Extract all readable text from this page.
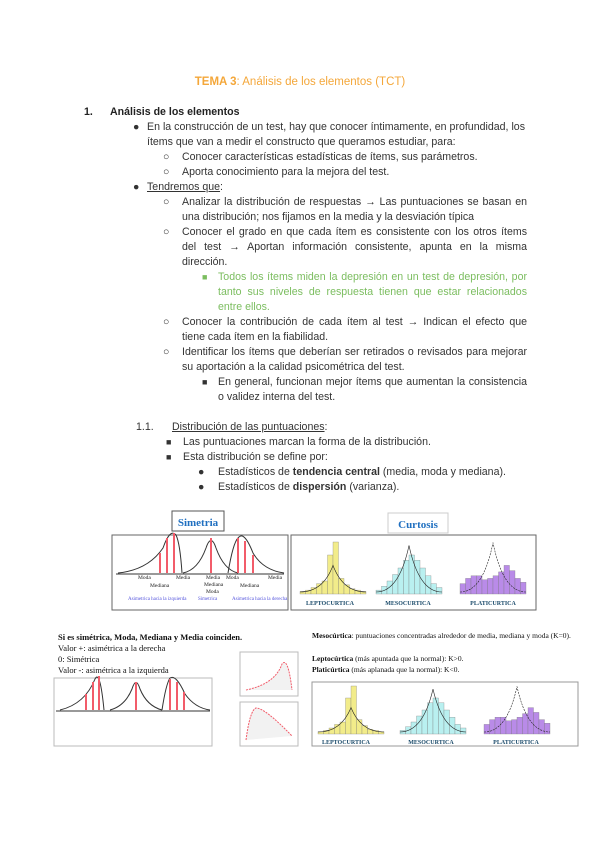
TEMA 3: Análisis de los elementos (TCT)
1. Análisis de los elementos
● En la construcción de un test, hay que conocer íntimamente, en profundidad, los ítems que van a medir el constructo que queramos estudiar, para:
○ Conocer características estadísticas de ítems, sus parámetros.
○ Aporta conocimiento para la mejora del test.
● Tendremos que:
○ Analizar la distribución de respuestas → Las puntuaciones se basan en una distribución; nos fijamos en la media y la desviación típica
○ Conocer el grado en que cada ítem es consistente con los otros ítems del test → Aportan información consistente, apunta en la misma dirección.
■ Todos los ítems miden la depresión en un test de depresión, por tanto sus niveles de respuesta tienen que estar relacionados entre ellos.
○ Conocer la contribución de cada ítem al test → Indican el efecto que tiene cada ítem en la fiabilidad.
○ Identificar los ítems que deberían ser retirados o revisados para mejorar su aportación a la calidad psicométrica del test.
■ En general, funcionan mejor ítems que aumentan la consistencia o validez interna del test.
1.1. Distribución de las puntuaciones:
■ Las puntuaciones marcan la forma de la distribución.
■ Esta distribución se define por:
● Estadísticos de tendencia central (media, moda y mediana).
● Estadísticos de dispersión (varianza).
Simetria	Curtosis
Moda
Mediana
Media	Media
Mediana
Moda
Moda
Mediana
Media
Asimetrica hacia la izquierda Simetrica	Asimetrica hacia la derecha
LEPTOCURTICA	MESOCURTICA	PLATICURTICA
Si es simétrica, Moda, Mediana y Media coinciden.
Valor +: asimétrica a la derecha
0: Simétrica
Valor -: asimétrica a la izquierda
Mesocúrtica: puntuaciones concentradas alrededor de media, mediana y moda (K=0).
Leptocúrtica (más apuntada que la normal): K>0.
Platicúrtica (más aplanada que la normal): K<0.
LEPTOCURTICA	MESOCURTICA	PLATICURTICA
